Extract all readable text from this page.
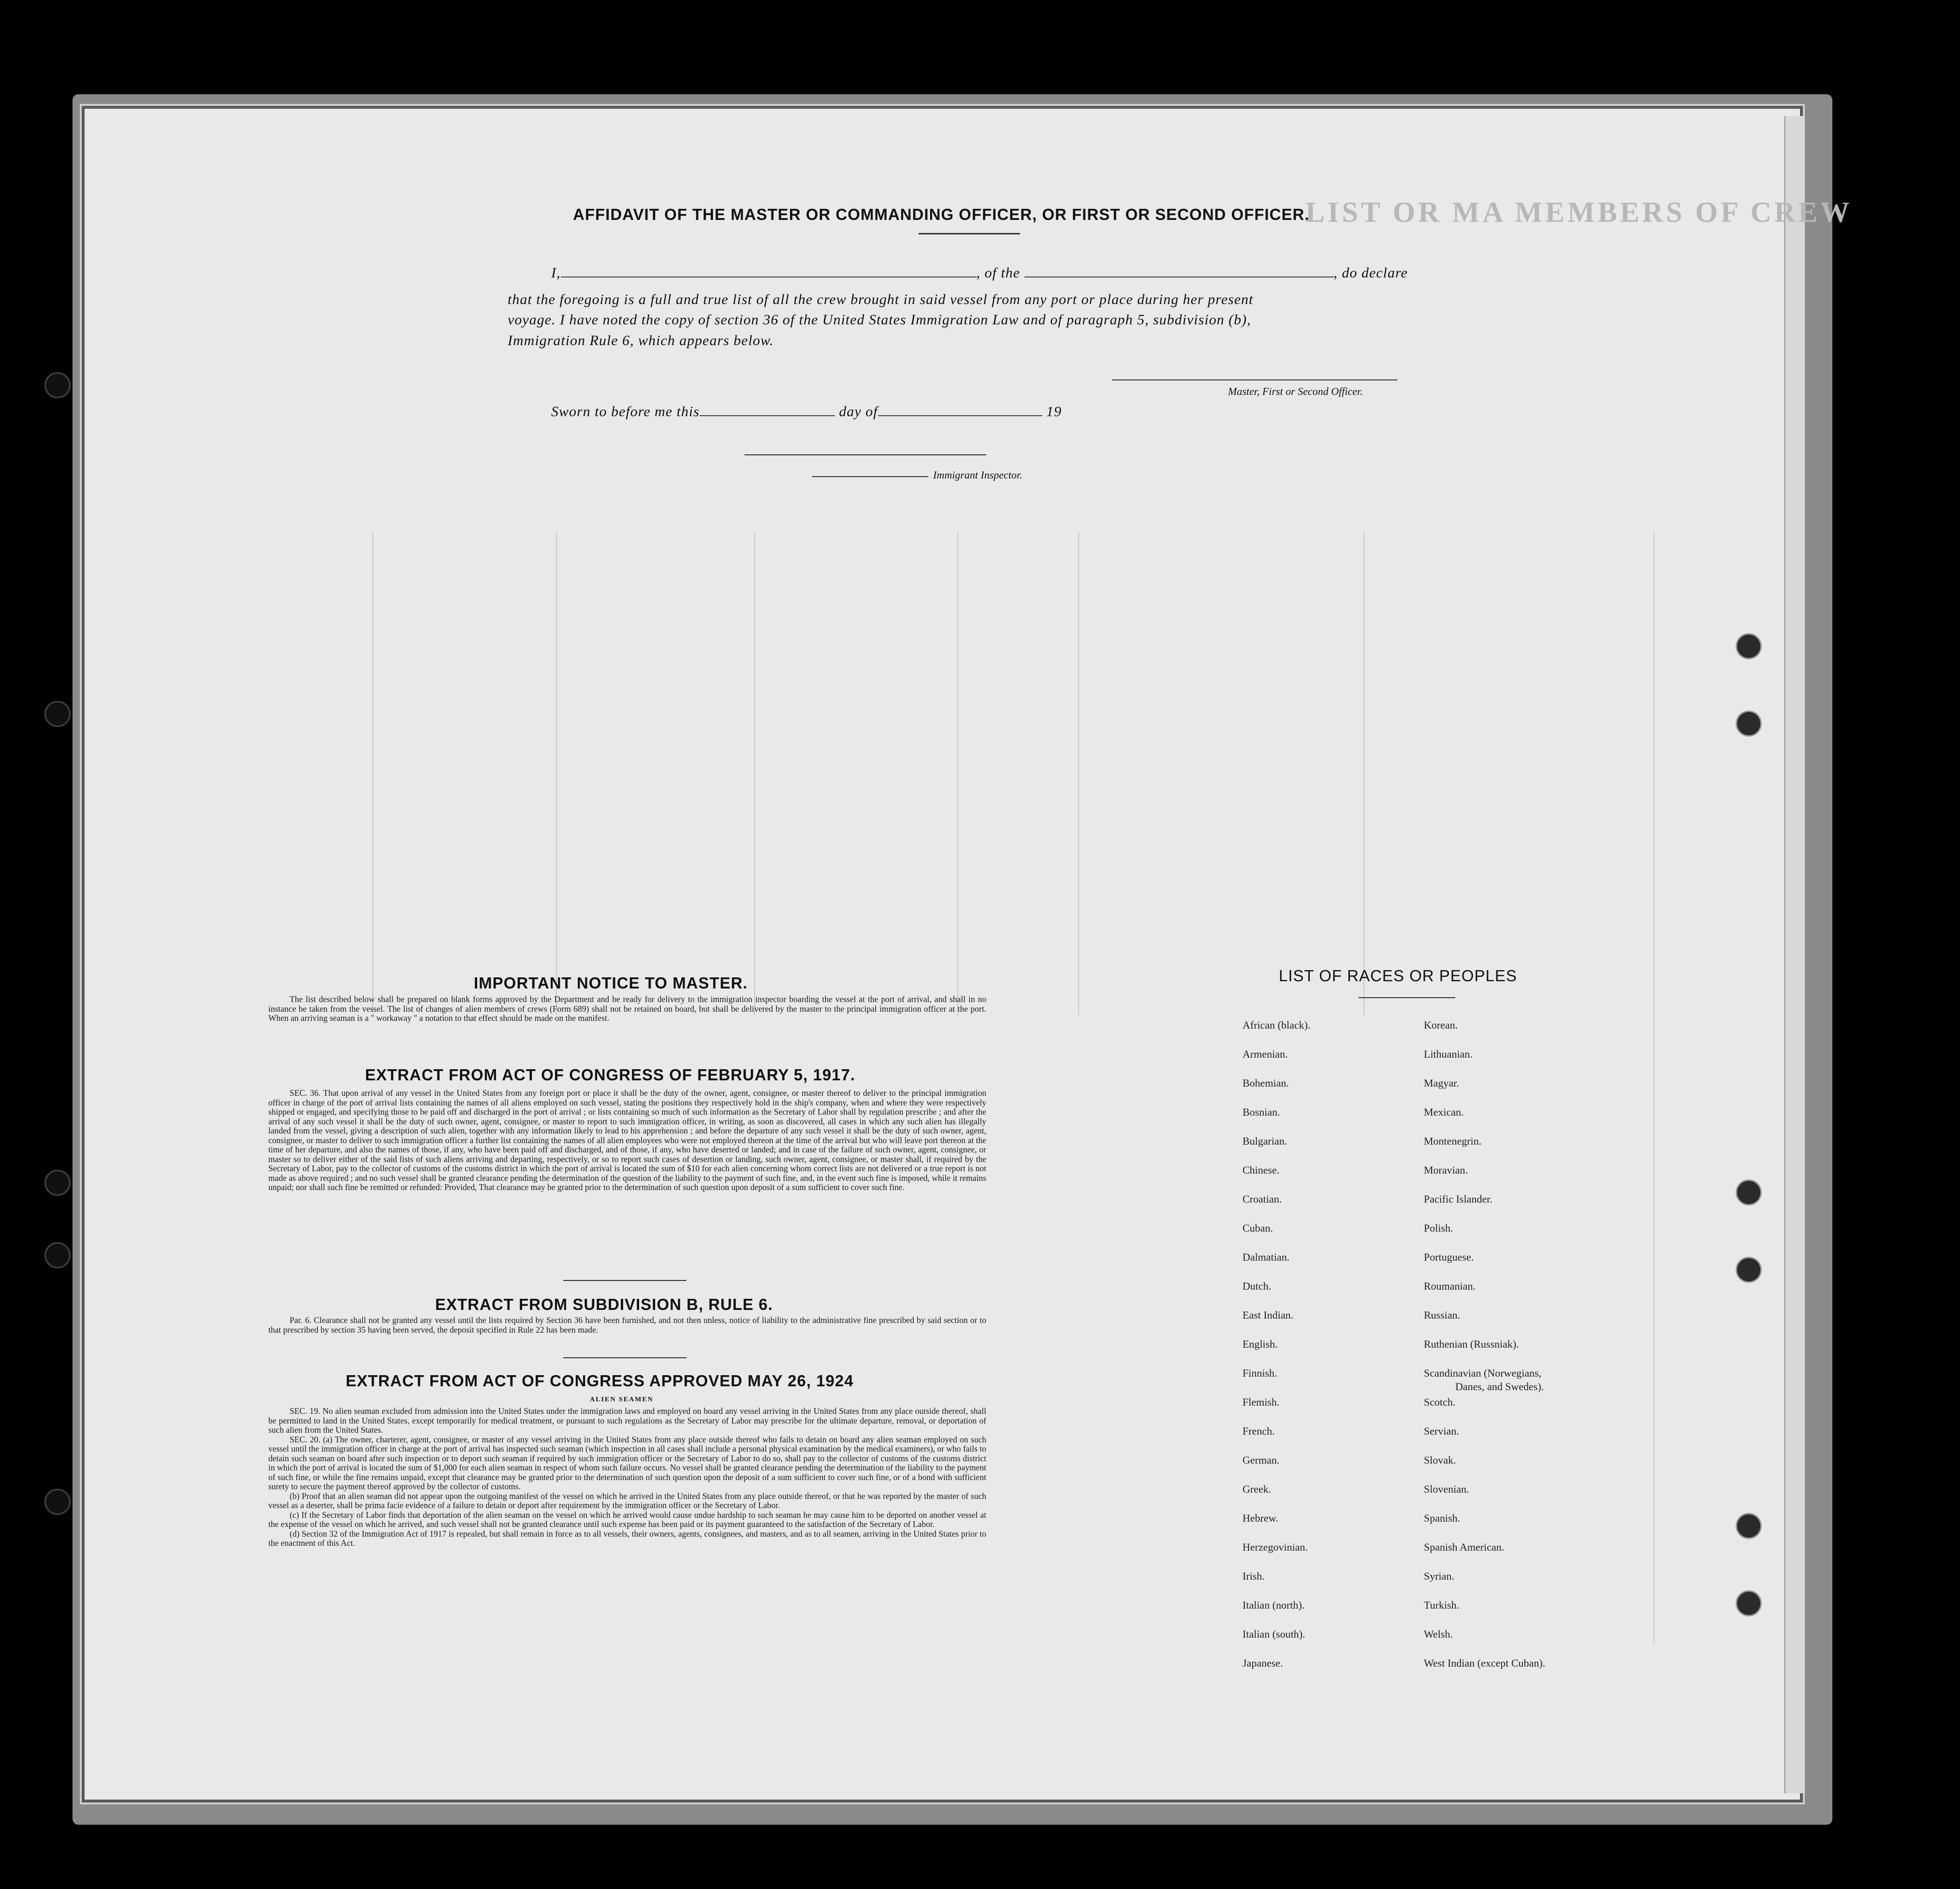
LIST OR MA MEMBERS OF CREW
AFFIDAVIT OF THE MASTER OR COMMANDING OFFICER, OR FIRST OR SECOND OFFICER.
I,	, of the	, do declare
that the foregoing is a full and true list of all the crew brought in said vessel from any port or place during her present
voyage. I have noted the copy of section 36 of the United States Immigration Law and of paragraph 5, subdivision (b),
Immigration Rule 6, which appears below.
Master, First or Second Officer.
Sworn to before me this	day of	19
Immigrant Inspector.
IMPORTANT NOTICE TO MASTER.

The list described below shall be prepared on blank forms approved by the Department and be ready for delivery to the immigration inspector boarding the vessel at the port of arrival, and shall in no instance be taken from the vessel. The list of changes of alien members of crews (Form 689) shall not be retained on board, but shall be delivered by the master to the principal immigration officer at the port. When an arriving seaman is a " workaway " a notation to that effect should be made on the manifest.

EXTRACT FROM ACT OF CONGRESS OF FEBRUARY 5, 1917.

SEC. 36. That upon arrival of any vessel in the United States from any foreign port or place it shall be the duty of the owner, agent, consignee, or master thereof to deliver to the principal immigration officer in charge of the port of arrival lists containing the names of all aliens employed on such vessel, stating the positions they respectively hold in the ship's company, when and where they were respectively shipped or engaged, and specifying those to be paid off and discharged in the port of arrival ; or lists containing so much of such information as the Secretary of Labor shall by regulation prescribe ; and after the arrival of any such vessel it shall be the duty of such owner, agent, consignee, or master to report to such immigration officer, in writing, as soon as discovered, all cases in which any such alien has illegally landed from the vessel, giving a description of such alien, together with any information likely to lead to his apprehension ; and before the departure of any such vessel it shall be the duty of such owner, agent, consignee, or master to deliver to such immigration officer a further list containing the names of all alien employees who were not employed thereon at the time of the arrival but who will leave port thereon at the time of her departure, and also the names of those, if any, who have been paid off and discharged, and of those, if any, who have deserted or landed; and in case of the failure of such owner, agent, consignee, or master so to deliver either of the said lists of such aliens arriving and departing, respectively, or so to report such cases of desertion or landing, such owner, agent, consignee, or master shall, if required by the Secretary of Labor, pay to the collector of customs of the customs district in which the port of arrival is located the sum of $10 for each alien concerning whom correct lists are not delivered or a true report is not made as above required ; and no such vessel shall be granted clearance pending the determination of the question of the liability to the payment of such fine, and, in the event such fine is imposed, while it remains unpaid; nor shall such fine be remitted or refunded: Provided, That clearance may be granted prior to the determination of such question upon deposit of a sum sufficient to cover such fine.

EXTRACT FROM SUBDIVISION B, RULE 6.

Par. 6. Clearance shall not be granted any vessel until the lists required by Section 36 have been furnished, and not then unless, notice of liability to the administrative fine prescribed by said section or to that prescribed by section 35 having been served, the deposit specified in Rule 22 has been made.

EXTRACT FROM ACT OF CONGRESS APPROVED MAY 26, 1924
ALIEN SEAMEN

SEC. 19. No alien seaman excluded from admission into the United States under the immigration laws and employed on board any vessel arriving in the United States from any place outside thereof, shall be permitted to land in the United States, except temporarily for medical treatment, or pursuant to such regulations as the Secretary of Labor may prescribe for the ultimate departure, removal, or deportation of such alien from the United States.

SEC. 20. (a) The owner, charterer, agent, consignee, or master of any vessel arriving in the United States from any place outside thereof who fails to detain on board any alien seaman employed on such vessel until the immigration officer in charge at the port of arrival has inspected such seaman (which inspection in all cases shall include a personal physical examination by the medical examiners), or who fails to detain such seaman on board after such inspection or to deport such seaman if required by such immigration officer or the Secretary of Labor to do so, shall pay to the collector of customs of the customs district in which the port of arrival is located the sum of $1,000 for each alien seaman in respect of whom such failure occurs. No vessel shall be granted clearance pending the determination of the liability to the payment of such fine, or while the fine remains unpaid, except that clearance may be granted prior to the determination of such question upon the deposit of a sum sufficient to cover such fine, or of a bond with sufficient surety to secure the payment thereof approved by the collector of customs.

(b) Proof that an alien seaman did not appear upon the outgoing manifest of the vessel on which he arrived in the United States from any place outside thereof, or that he was reported by the master of such vessel as a deserter, shall be prima facie evidence of a failure to detain or deport after requirement by the immigration officer or the Secretary of Labor.

(c) If the Secretary of Labor finds that deportation of the alien seaman on the vessel on which he arrived would cause undue hardship to such seaman he may cause him to be deported on another vessel at the expense of the vessel on which he arrived, and such vessel shall not be granted clearance until such expense has been paid or its payment guaranteed to the satisfaction of the Secretary of Labor.

(d) Section 32 of the Immigration Act of 1917 is repealed, but shall remain in force as to all vessels, their owners, agents, consignees, and masters, and as to all seamen, arriving in the United States prior to the enactment of this Act.

LIST OF RACES OR PEOPLES
African (black).
Armenian.
Bohemian.
Bosnian.
Bulgarian.
Chinese.
Croatian.
Cuban.
Dalmatian.
Dutch.
East Indian.
English.
Finnish.
Flemish.
French.
German.
Greek.
Hebrew.
Herzegovinian.
Irish.
Italian (north).
Italian (south).
Japanese.
Korean.
Lithuanian.
Magyar.
Mexican.
Montenegrin.
Moravian.
Pacific Islander.
Polish.
Portuguese.
Roumanian.
Russian.
Ruthenian (Russniak).
Scandinavian (Norwegians,
Danes, and Swedes).
Scotch.
Servian.
Slovak.
Slovenian.
Spanish.
Spanish American.
Syrian.
Turkish.
Welsh.
West Indian (except Cuban).
